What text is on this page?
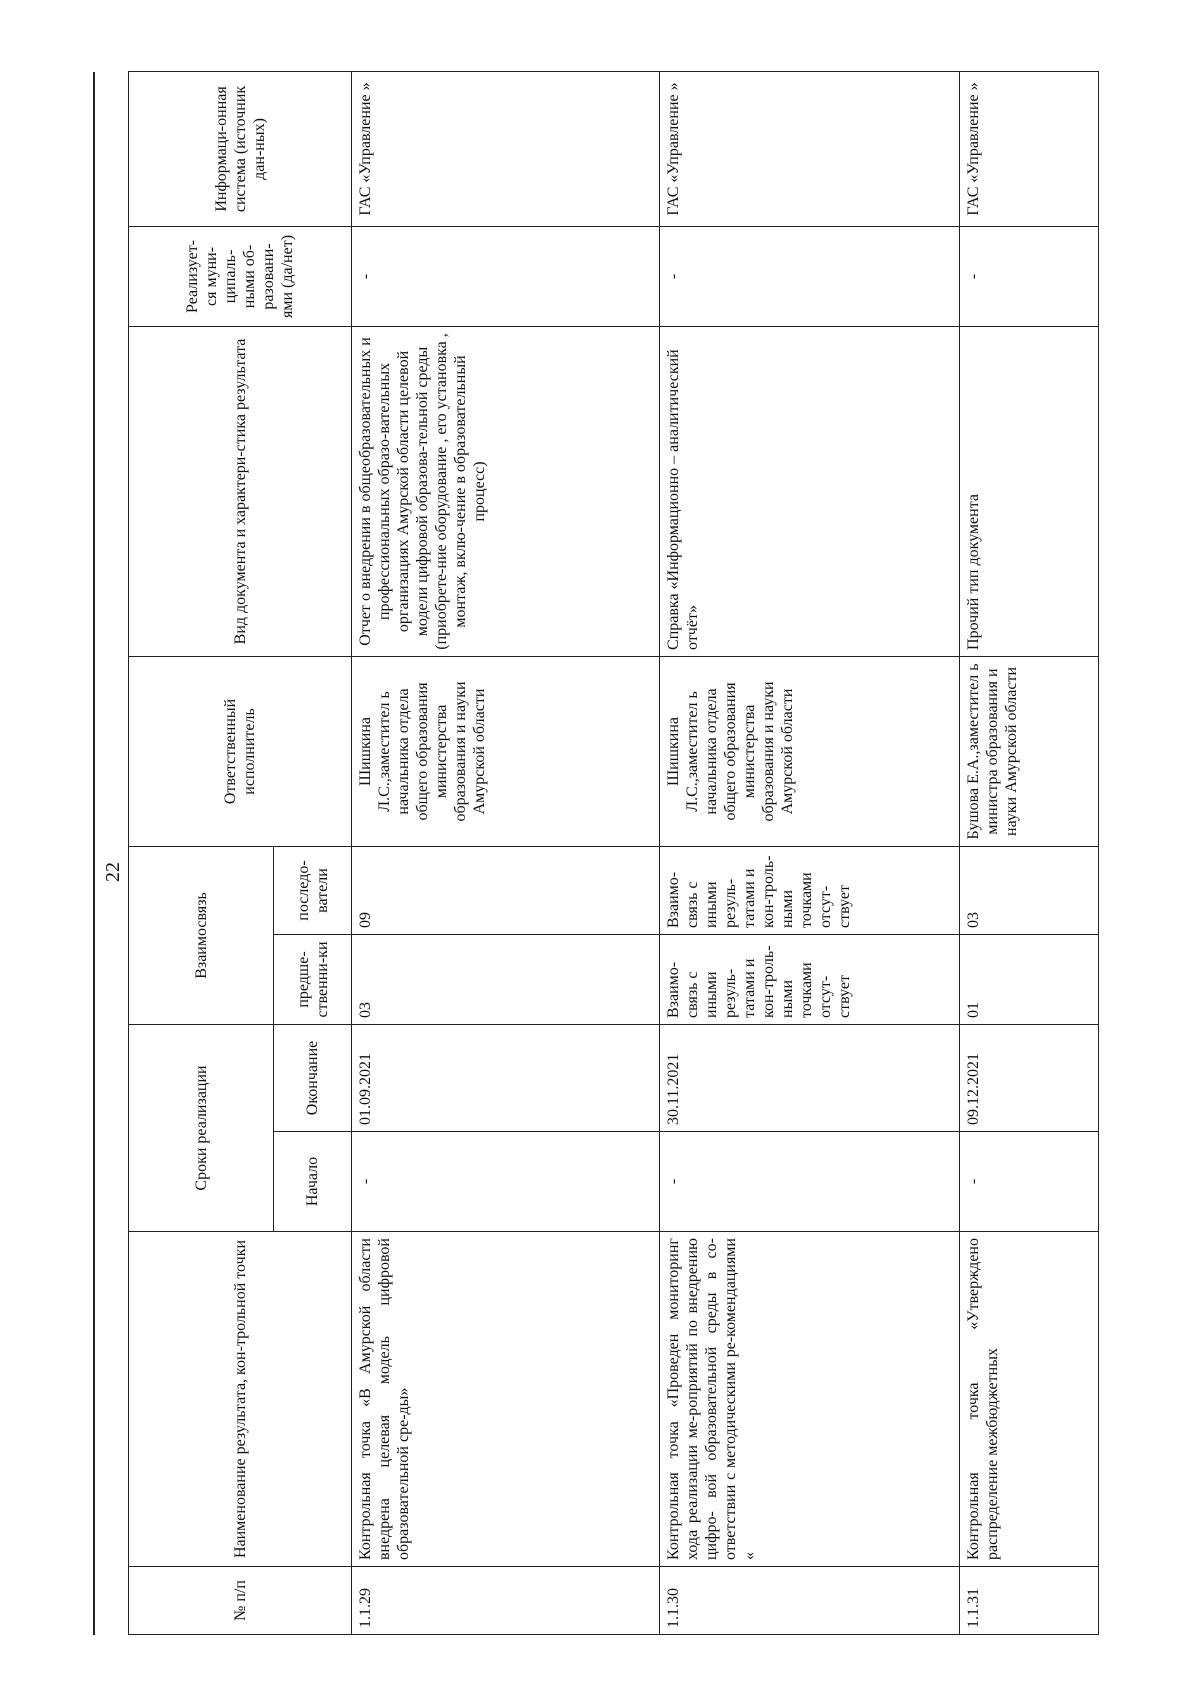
22
№ п/п	Наименование результата, кон-трольной точки	Сроки реализации		Взаимосвязь		Ответственный исполнитель	Вид документа и характери-стика результата	Реализует-ся муни-ципаль-ными об-разовани-ями (да/нет)	Информаци-онная система (источник дан-ных)
		Начало	Окончание	предше-ственни-ки	последо-ватели				
1.1.29	Контрольная точка «В Амурской области внедрена целевая модель цифровой образовательной сре-ды»	-	01.09.2021	03	09	Шишкина Л.С.,заместител ь начальника отдела общего образования министерства образования и науки Амурской области	Отчет о внедрении в общеобразовательных и профессиональных образо-вательных организациях Амурской области целевой модели цифровой образова-тельной среды (приобрете-ние оборудование , его установка , монтаж, вклю-чение в образовательный процесс)	-	ГАС «Управление »
1.1.30	Контрольная точка «Проведен мониторинг хода реализации ме-роприятий по внедрению цифро- вой образовательной среды в со-ответствии с методическими ре-комендациями «	-	30.11.2021	Взаимо-связь с иными резуль-татами и кон-троль-ными точками отсут-ствует	Взаимо-связь с иными резуль-татами и кон-троль-ными точками отсут-ствует	Шишкина Л.С.,заместител ь начальника отдела общего образования министерства образования и науки Амурской области	Справка «Информационно – аналитический отчёт»	-	ГАС «Управление »
1.1.31	Контрольная точка «Утверждено распределение межбюджетных	-	09.12.2021	01	03	Бушова Е.А.,заместител ь министра образования и науки Амурской области	Прочий тип документа	-	ГАС «Управление »
